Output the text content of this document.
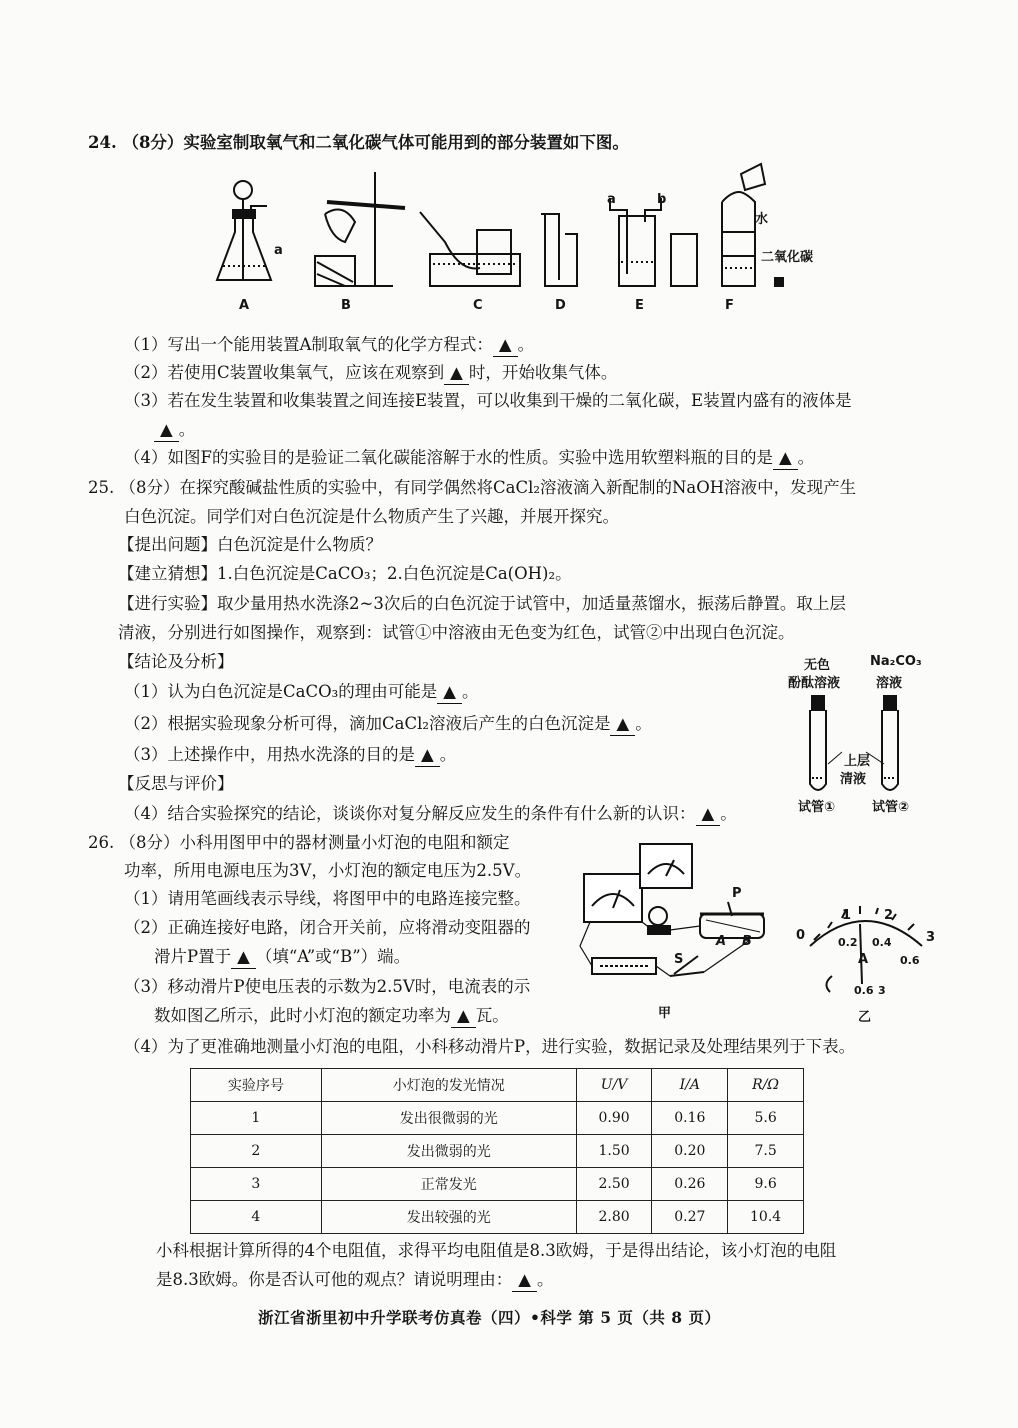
24. （8分）实验室制取氧气和二氧化碳气体可能用到的部分装置如下图。
a
a	b
水
二氧化碳
A	B	C	D	E	F
（1）写出一个能用装置A制取氧气的化学方程式： ▲ 。
（2）若使用C装置收集氧气，应该在观察到 ▲ 时，开始收集气体。
（3）若在发生装置和收集装置之间连接E装置，可以收集到干燥的二氧化碳，E装置内盛有的液体是
▲ 。
（4）如图F的实验目的是验证二氧化碳能溶解于水的性质。实验中选用软塑料瓶的目的是 ▲ 。
25. （8分）在探究酸碱盐性质的实验中，有同学偶然将CaCl₂溶液滴入新配制的NaOH溶液中，发现产生
白色沉淀。同学们对白色沉淀是什么物质产生了兴趣，并展开探究。
【提出问题】白色沉淀是什么物质？
【建立猜想】1.白色沉淀是CaCO₃；2.白色沉淀是Ca(OH)₂。
【进行实验】取少量用热水洗涤2~3次后的白色沉淀于试管中，加适量蒸馏水，振荡后静置。取上层
清液，分别进行如图操作，观察到：试管①中溶液由无色变为红色，试管②中出现白色沉淀。
【结论及分析】
（1）认为白色沉淀是CaCO₃的理由可能是 ▲ 。
（2）根据实验现象分析可得，滴加CaCl₂溶液后产生的白色沉淀是 ▲ 。
（3）上述操作中，用热水洗涤的目的是 ▲ 。
【反思与评价】
（4）结合实验探究的结论，谈谈你对复分解反应发生的条件有什么新的认识： ▲ 。
无色
酚酞溶液
Na₂CO₃
溶液
上层
清液
试管①	试管②
26. （8分）小科用图甲中的器材测量小灯泡的电阻和额定
功率，所用电源电压为3V，小灯泡的额定电压为2.5V。
（1）请用笔画线表示导线，将图甲中的电路连接完整。
（2）正确连接好电路，闭合开关前，应将滑动变阻器的
滑片P置于 ▲ （填“A”或“B”）端。
（3）移动滑片P使电压表的示数为2.5V时，电流表的示
数如图乙所示，此时小灯泡的额定功率为 ▲ 瓦。
P
A B
S
0
1	2
3
0.2 0.4
0.6
A
0.6 3
甲	乙
（4）为了更准确地测量小灯泡的电阻，小科移动滑片P，进行实验，数据记录及处理结果列于下表。
实验序号	小灯泡的发光情况	U/V	I/A	R/Ω
1	发出很微弱的光	0.90	0.16	5.6
2	发出微弱的光	1.50	0.20	7.5
3	正常发光	2.50	0.26	9.6
4	发出较强的光	2.80	0.27	10.4
小科根据计算所得的4个电阻值，求得平均电阻值是8.3欧姆，于是得出结论，该小灯泡的电阻
是8.3欧姆。你是否认可他的观点？请说明理由： ▲ 。
浙江省浙里初中升学联考仿真卷（四）•科学 第 5 页（共 8 页）
